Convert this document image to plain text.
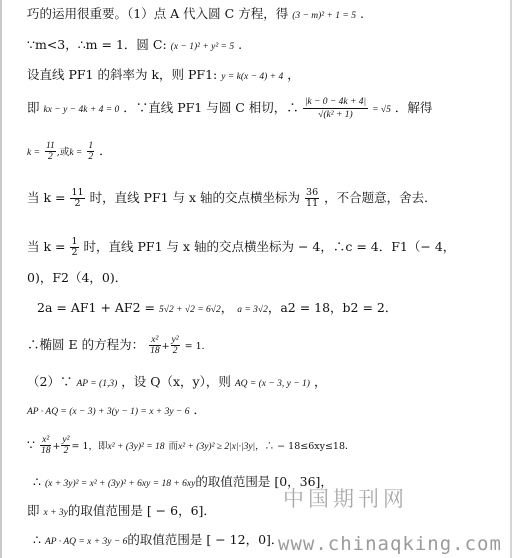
巧的运用很重要。（1）点 A 代入圆 C 方程，得 (3 − m)² + 1 = 5 .
∵m<3，∴m = 1．圆 C: (x − 1)² + y² = 5 .
设直线 PF1 的斜率为 k，则 PF1: y = k(x − 4) + 4 ，
即 kx − y − 4k + 4 = 0 ．∵直线 PF1 与圆 C 相切，∴ $\frac{|k - 0 - 4k + 4|}{\text{√(k² + 1)}} = √5$ ．解得
$k = \frac{11}{2}$ ,或$k = \frac{1}{2}$ ．
当 $k = \frac{11}{2}$ 时，直线 PF1 与 x 轴的交点横坐标为 $\frac{36}{11}$ ，不合题意，舍去．
当 $k = \frac{1}{2}$ 时，直线 PF1 与 x 轴的交点横坐标为 − 4，∴c = 4．F1（− 4，
0)，F2（4，0)．
2a = AF1 + AF2 = 5√2 + √2 = 6√2， a = 3√2，a2 = 18，b2 = 2．
∴椭圆 E 的方程为： $\frac{\text{x²}}{18} + \frac{\text{y²}}{2} = 1$．
（2）∵ AP = (1,3) ，设 Q（x，y），则 AQ = (x − 3, y − 1) ，
AP · AQ = (x − 3) + 3(y − 1) = x + 3y − 6 ．
∵ $\frac{\text{x²}}{18} + \frac{\text{y²}}{2} = 1$，即x² + (3y)² = 18 而x² + (3y)² ≥ 2|x|·|3y|，∴ − 18≤6xy≤18．
∴ (x + 3y)² = x² + (3y)² + 6xy = 18 + 6xy的取值范围是 [0，36]，
即 x + 3y的取值范围是 [ − 6，6]．
∴ AP · AQ = x + 3y − 6的取值范围是 [ − 12，0]．
中国期刊网
www.chinaqking.com
